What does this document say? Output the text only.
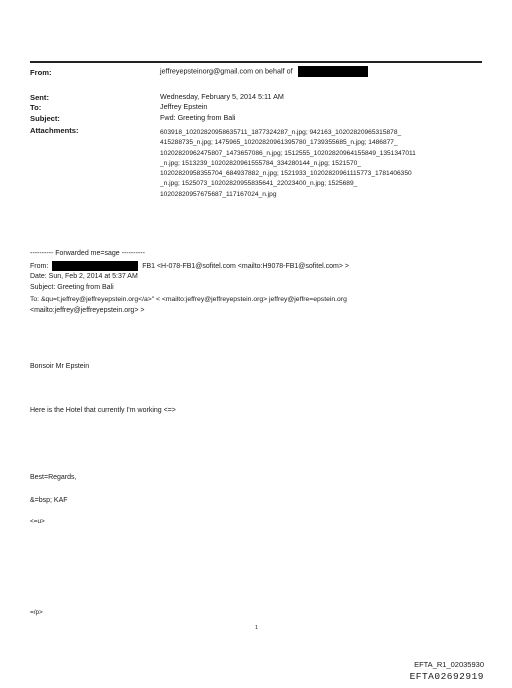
From:	jeffreyepsteinorg@gmail.com on behalf of
Sent:	Wednesday, February 5, 2014 5:11 AM
To:	Jeffrey Epstein
Subject:	Fwd: Greeting from Bali
Attachments:	603918_10202820958635711_1877324287_n.jpg; 942163_10202820965315878_
415288735_n.jpg; 1475965_10202820961395780_1739355685_n.jpg; 1486877_
10202820962475807_1473657086_n.jpg; 1512555_10202820964155849_1351347011
_n.jpg; 1513239_10202820961555784_334280144_n.jpg; 1521570_
10202820958355704_684937882_n.jpg; 1521933_10202820961115773_1781406350
_n.jpg; 1525073_10202820955835641_22023400_n.jpg; 1525689_
10202820957675687_117167024_n.jpg
---------- Forwarded me=sage ----------
From:	FB1 <H-078-FB1@sofitel.com <mailto:H9078-FB1@sofitel.com> >
Date: Sun, Feb 2, 2014 at 5:37 AM
Subject: Greeting from Bali
To: &qu=t;jeffrey@jeffreyepstein.org</a>" < <mailto:jeffrey@jeffreyepstein.org> jeffrey@jeffre=epstein.org
<mailto:jeffrey@jeffreyepstein.org> >
Bonsoir Mr Epstein
Here is the Hotel that currently I'm working <=>
Best=Regards,
&=bsp; KAF
<=u>
=/p>
1
EFTA_R1_02035930
EFTA02692919
